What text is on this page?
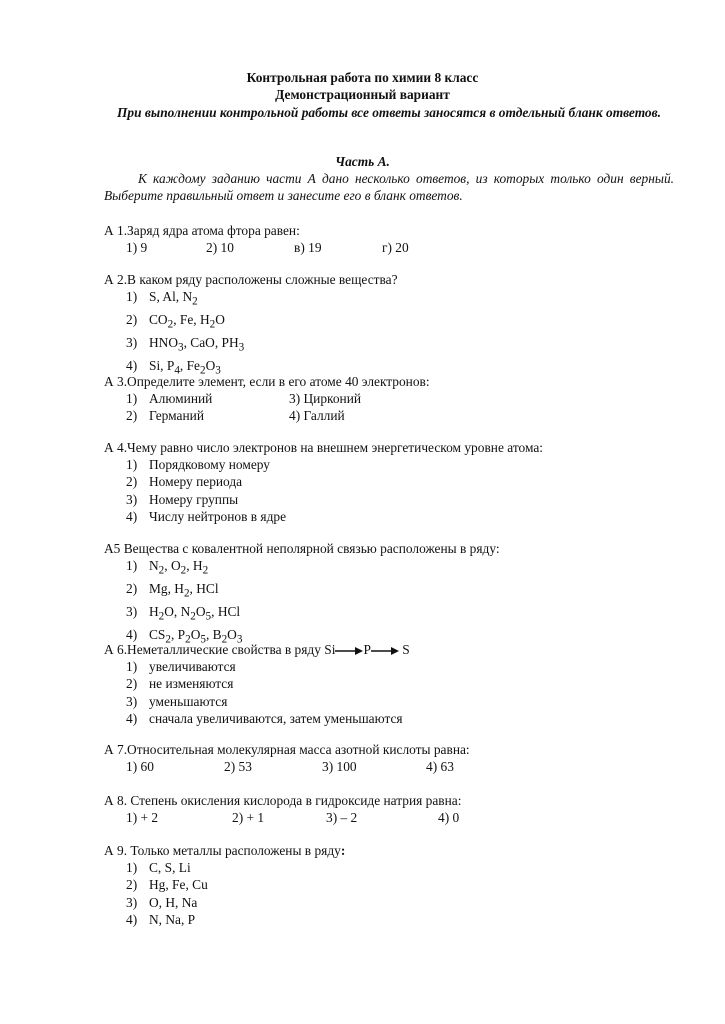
Контрольная работа по химии 8 класс
Демонстрационный вариант
При выполнении контрольной работы все ответы заносятся в отдельный бланк ответов.
Часть А.
К каждому заданию части А дано несколько ответов, из которых только один верный. Выберите правильный ответ и занесите его в бланк ответов.
А 1.Заряд ядра атома фтора равен:
1) 9	2) 10	в) 19	г) 20
А 2.В каком ряду расположены сложные вещества?
1) S, Al, $N_2$
2) $CO_2$, Fe, $H_2O$
3) $HNO_3$, CaO, $PH_3$
4) Si, $P_4$, $Fe_2O_3$
А 3.Определите элемент, если в его атоме 40 электронов:
1) Алюминий	3) Цирконий
2) Германий	4) Галлий
А 4.Чему равно число электронов на внешнем энергетическом уровне атома:
1) Порядковому номеру
2) Номеру периода
3) Номеру группы
4) Числу нейтронов в ядре
А5 Вещества с ковалентной неполярной связью расположены в ряду:
1) $N_2$, $O_2$, $H_2$
2) Mg, $H_2$, HCl
3) $H_2O$, $N_2O_5$, HCl
4) $CS_2$, $P_2O_5$, $B_2O_3$
А 6.Неметаллические свойства в ряду Si P S
1) увеличиваются
2) не изменяются
3) уменьшаются
4) сначала увеличиваются, затем уменьшаются
А 7.Относительная молекулярная масса азотной кислоты равна:
1) 60	2) 53	3) 100	4) 63
А 8. Степень окисления кислорода в гидроксиде натрия равна:
1) + 2	2) + 1	3) – 2	4) 0
А 9. Только металлы расположены в ряду:
1) C, S, Li
2) Hg, Fe, Cu
3) O, H, Na
4) N, Na, P
